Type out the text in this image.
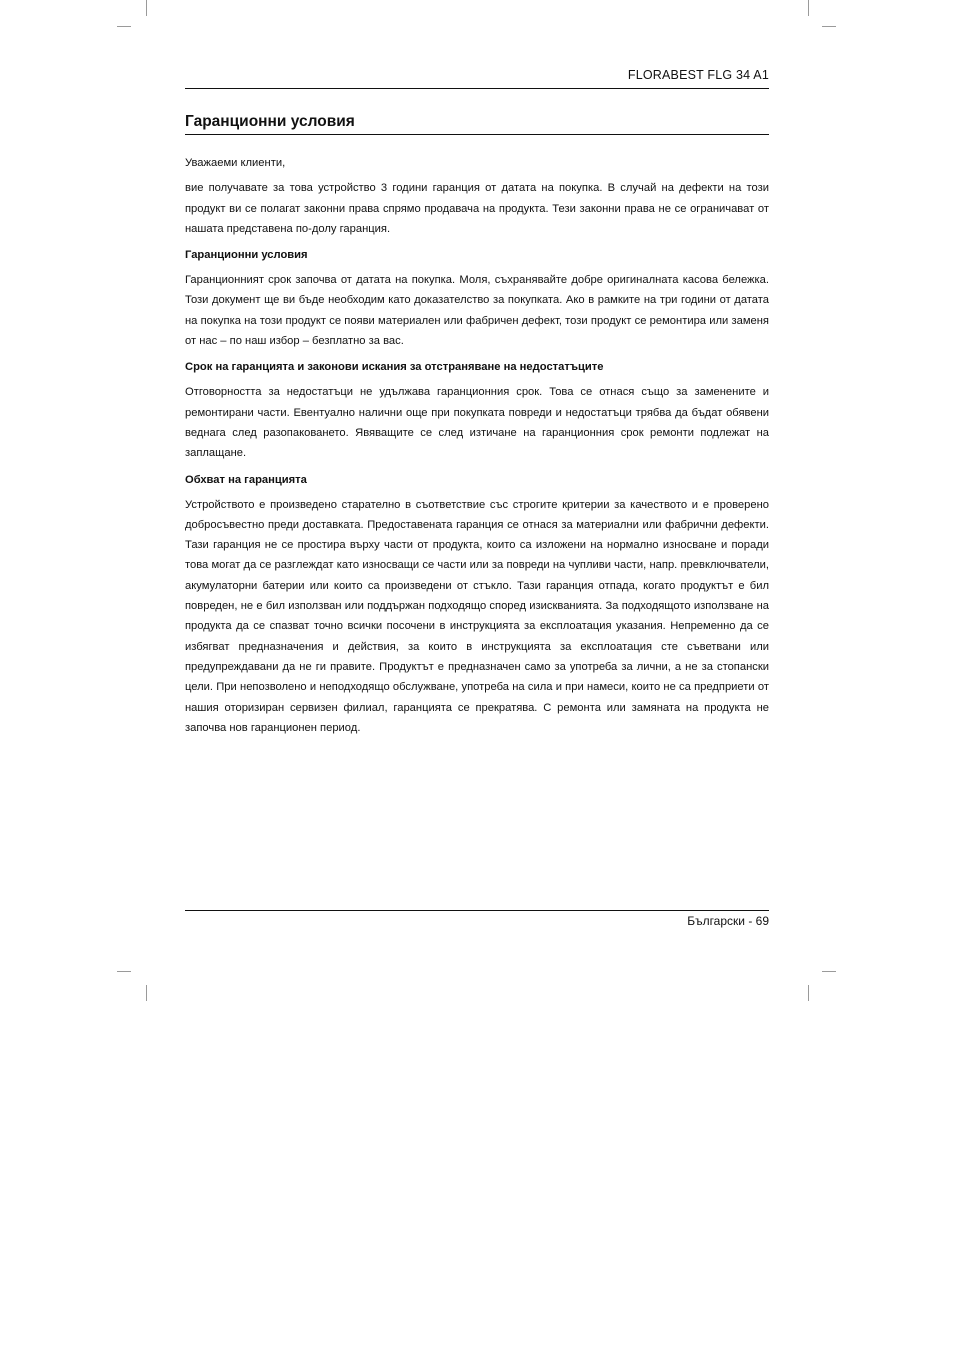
FLORABEST FLG 34 A1
Гаранционни условия

Уважаеми клиенти,

вие получавате за това устройство 3 години гаранция от датата на покупка. В случай на дефекти на този продукт ви се полагат законни права спрямо продавача на продукта. Тези законни права не се ограничават от нашата представена по-долу гаранция.

Гаранционни условия

Гаранционният срок започва от датата на покупка. Моля, съхранявайте добре оригиналната касова бележка. Този документ ще ви бъде необходим като доказателство за покупката. Ако в рамките на три години от датата на покупка на този продукт се появи материален или фабричен дефект, този продукт се ремонтира или заменя от нас – по наш избор – безплатно за вас.

Срок на гаранцията и законови искания за отстраняване на недостатъците

Отговорността за недостатъци не удължава гаранционния срок. Това се отнася също за заменените и ремонтирани части. Евентуално налични още при покупката повреди и недостатъци трябва да бъдат обявени веднага след разопаковането. Явяващите се след изтичане на гаранционния срок ремонти подлежат на заплащане.

Обхват на гаранцията

Устройството е произведено старателно в съответствие със строгите критерии за качеството и е проверено добросъвестно преди доставката. Предоставената гаранция се отнася за материални или фабрични дефекти. Тази гаранция не се простира върху части от продукта, които са изложени на нормално износване и поради това могат да се разглеждат като износващи се части или за повреди на чупливи части, напр. превключватели, акумулаторни батерии или които са произведени от стъкло. Тази гаранция отпада, когато продуктът е бил повреден, не е бил използван или поддържан подходящо според изискванията. За подходящото използване на продукта да се спазват точно всички посочени в инструкцията за експлоатация указания. Непременно да се избягват предназначения и действия, за които в инструкцията за експлоатация сте съветвани или предупреждавани да не ги правите. Продуктът е предназначен само за употреба за лични, а не за стопански цели. При непозволено и неподходящо обслужване, употреба на сила и при намеси, които не са предприети от нашия оторизиран сервизен филиал, гаранцията се прекратява. С ремонта или замяната на продукта не започва нов гаранционен период.

Български - 69
